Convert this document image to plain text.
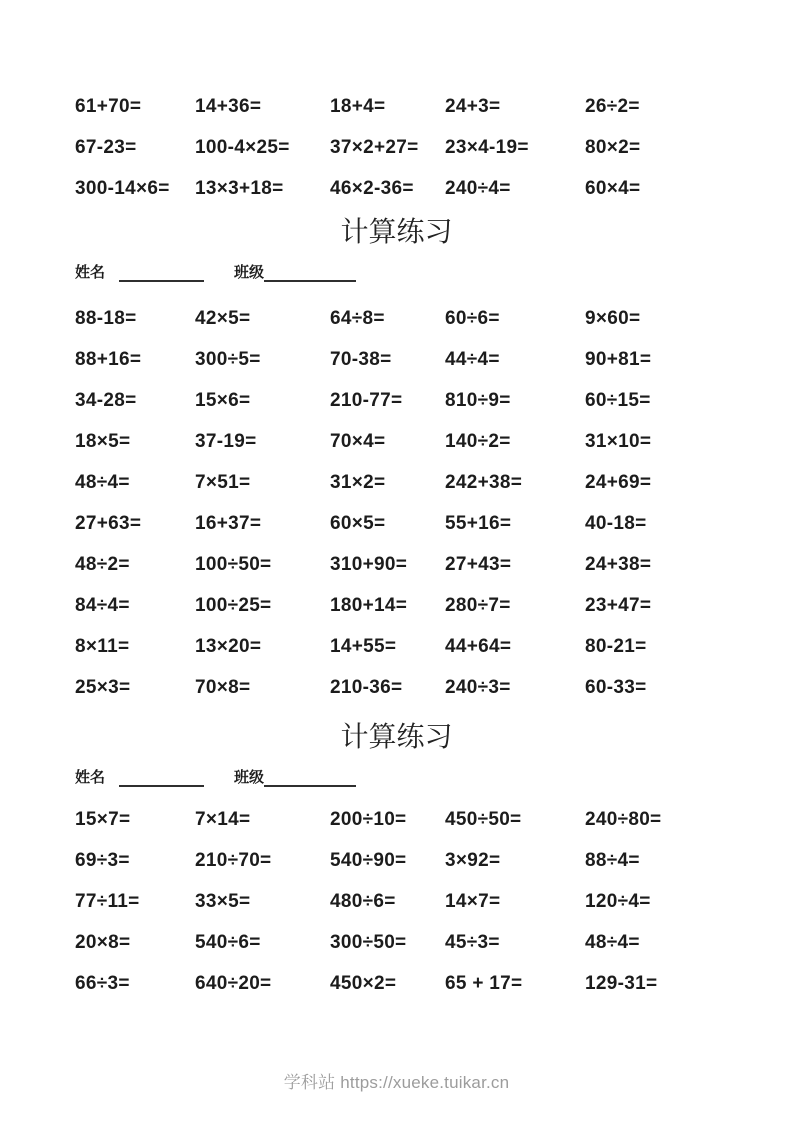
61+70=	14+36=	18+4=	24+3=	26÷2=
67-23=	100-4×25=	37×2+27=	23×4-19=	80×2=
300-14×6=	13×3+18=	46×2-36=	240÷4=	60×4=
计算练习
姓名	班级
88-18=	42×5=	64÷8=	60÷6=	9×60=
88+16=	300÷5=	70-38=	44÷4=	90+81=
34-28=	15×6=	210-77=	810÷9=	60÷15=
18×5=	37-19=	70×4=	140÷2=	31×10=
48÷4=	7×51=	31×2=	242+38=	24+69=
27+63=	16+37=	60×5=	55+16=	40-18=
48÷2=	100÷50=	310+90=	27+43=	24+38=
84÷4=	100÷25=	180+14=	280÷7=	23+47=
8×11=	13×20=	14+55=	44+64=	80-21=
25×3=	70×8=	210-36=	240÷3=	60-33=
计算练习
姓名	班级
15×7=	7×14=	200÷10=	450÷50=	240÷80=
69÷3=	210÷70=	540÷90=	3×92=	88÷4=
77÷11=	33×5=	480÷6=	14×7=	120÷4=
20×8=	540÷6=	300÷50=	45÷3=	48÷4=
66÷3=	640÷20=	450×2=	65 + 17=	129-31=
学科站 https://xueke.tuikar.cn
